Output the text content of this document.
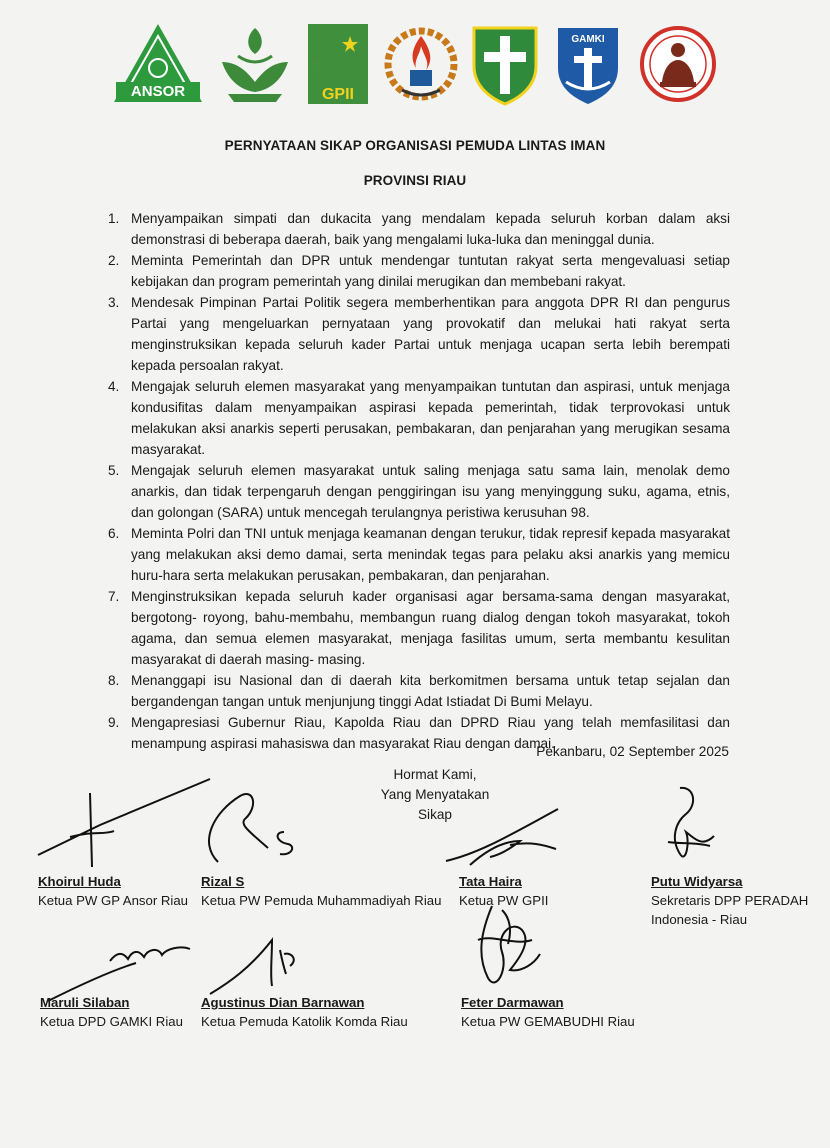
ANSOR	GPII
GAMKI
PERNYATAAN SIKAP ORGANISASI PEMUDA LINTAS IMAN
PROVINSI RIAU
1. Menyampaikan simpati dan dukacita yang mendalam kepada seluruh korban dalam aksi demonstrasi di beberapa daerah, baik yang mengalami luka-luka dan meninggal dunia.
2. Meminta Pemerintah dan DPR untuk mendengar tuntutan rakyat serta mengevaluasi setiap kebijakan dan program pemerintah yang dinilai merugikan dan membebani rakyat.
3. Mendesak Pimpinan Partai Politik segera memberhentikan para anggota DPR RI dan pengurus Partai yang mengeluarkan pernyataan yang provokatif dan melukai hati rakyat serta menginstruksikan kepada seluruh kader Partai untuk menjaga ucapan serta lebih berempati kepada persoalan rakyat.
4. Mengajak seluruh elemen masyarakat yang menyampaikan tuntutan dan aspirasi, untuk menjaga kondusifitas dalam menyampaikan aspirasi kepada pemerintah, tidak terprovokasi untuk melakukan aksi anarkis seperti perusakan, pembakaran, dan penjarahan yang merugikan sesama masyarakat.
5. Mengajak seluruh elemen masyarakat untuk saling menjaga satu sama lain, menolak demo anarkis, dan tidak terpengaruh dengan penggiringan isu yang menyinggung suku, agama, etnis, dan golongan (SARA) untuk mencegah terulangnya peristiwa kerusuhan 98.
6. Meminta Polri dan TNI untuk menjaga keamanan dengan terukur, tidak represif kepada masyarakat yang melakukan aksi demo damai, serta menindak tegas para pelaku aksi anarkis yang memicu huru-hara serta melakukan perusakan, pembakaran, dan penjarahan.
7. Menginstruksikan kepada seluruh kader organisasi agar bersama-sama dengan masyarakat, bergotong- royong, bahu-membahu, membangun ruang dialog dengan tokoh masyarakat, tokoh agama, dan semua elemen masyarakat, menjaga fasilitas umum, serta membantu kesulitan masyarakat di daerah masing- masing.
8. Menanggapi isu Nasional dan di daerah kita berkomitmen bersama untuk tetap sejalan dan bergandengan tangan untuk menjunjung tinggi Adat Istiadat Di Bumi Melayu.
9. Mengapresiasi Gubernur Riau, Kapolda Riau dan DPRD Riau yang telah memfasilitasi dan menampung aspirasi mahasiswa dan masyarakat Riau dengan damai.
Pekanbaru, 02 September 2025
Hormat Kami,
Yang Menyatakan Sikap
Khoirul Huda
Ketua PW GP Ansor Riau
Rizal S
Ketua PW Pemuda Muhammadiyah Riau
Tata Haira
Ketua PW GPII
Putu Widyarsa
Sekretaris DPP PERADAH
Indonesia - Riau
Maruli Silaban
Ketua DPD GAMKI Riau
Agustinus Dian Barnawan
Ketua Pemuda Katolik Komda Riau
Feter Darmawan
Ketua PW GEMABUDHI Riau
